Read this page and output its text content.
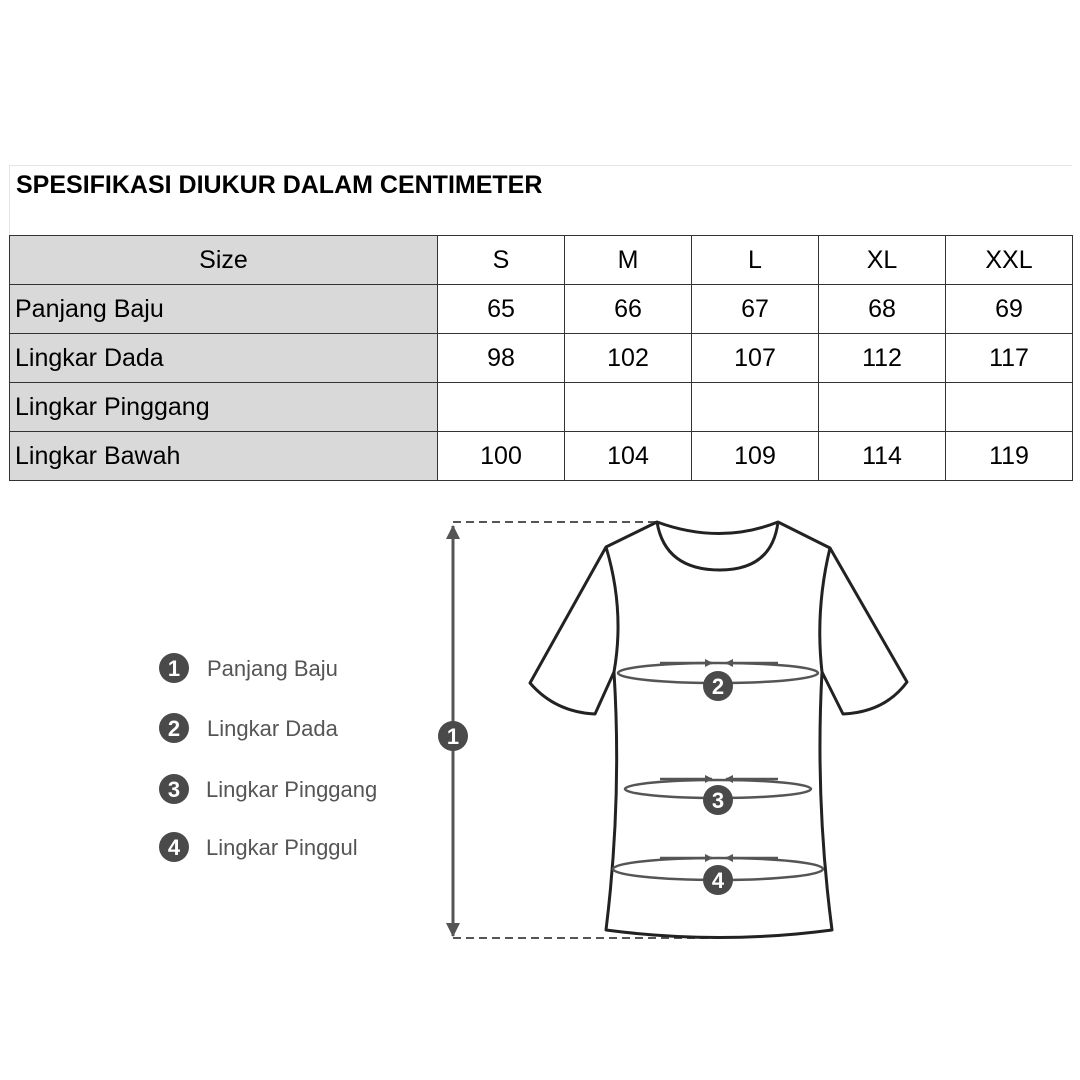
SPESIFIKASI DIUKUR DALAM CENTIMETER
Size	S	M	L	XL	XXL
Panjang Baju	65	66	67	68	69
Lingkar Dada	98	102	107	112	117
Lingkar Pinggang					
Lingkar Bawah	100	104	109	114	119
1 Panjang Baju
2 Lingkar Dada
3 Lingkar Pinggang
4 Lingkar Pinggul
1
2
3
4
